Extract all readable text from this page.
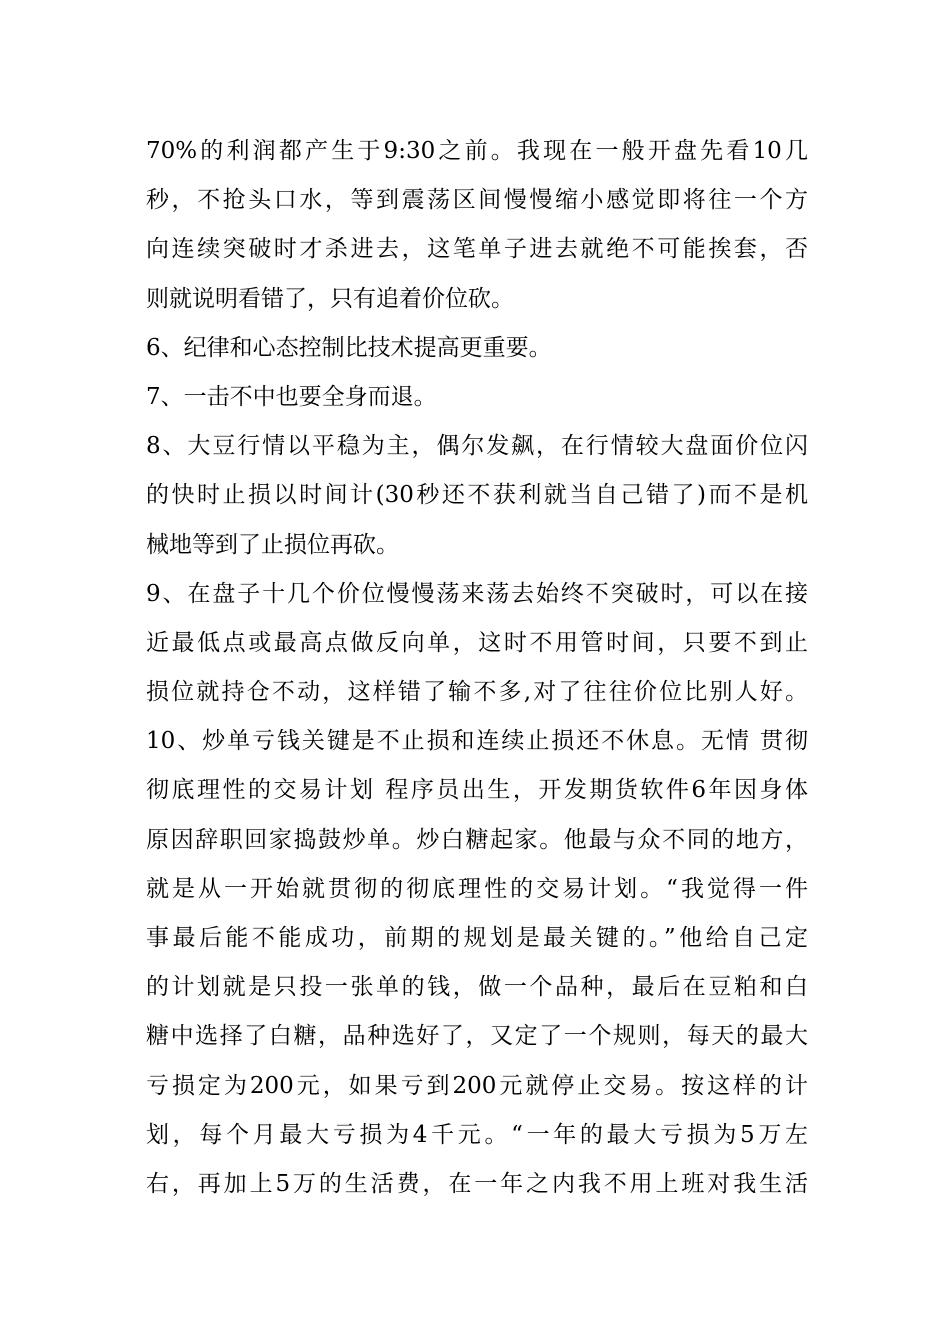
70%的利润都产生于9:30之前。我现在一般开盘先看10几
秒，不抢头口水，等到震荡区间慢慢缩小感觉即将往一个方
向连续突破时才杀进去，这笔单子进去就绝不可能挨套，否
则就说明看错了，只有追着价位砍。
6、纪律和心态控制比技术提高更重要。
7、一击不中也要全身而退。
8、大豆行情以平稳为主，偶尔发飙，在行情较大盘面价位闪
的快时止损以时间计(30秒还不获利就当自己错了)而不是机
械地等到了止损位再砍。
9、在盘子十几个价位慢慢荡来荡去始终不突破时，可以在接
近最低点或最高点做反向单，这时不用管时间，只要不到止
损位就持仓不动，这样错了输不多,对了往往价位比别人好。
10、炒单亏钱关键是不止损和连续止损还不休息。无情 贯彻
彻底理性的交易计划 程序员出生，开发期货软件6年因身体
原因辞职回家捣鼓炒单。炒白糖起家。他最与众不同的地方，
就是从一开始就贯彻的彻底理性的交易计划。“我觉得一件
事最后能不能成功，前期的规划是最关键的。”他给自己定
的计划就是只投一张单的钱，做一个品种，最后在豆粕和白
糖中选择了白糖，品种选好了，又定了一个规则，每天的最大
亏损定为200元，如果亏到200元就停止交易。按这样的计
划，每个月最大亏损为4千元。“一年的最大亏损为5万左
右，再加上5万的生活费，在一年之内我不用上班对我生活
